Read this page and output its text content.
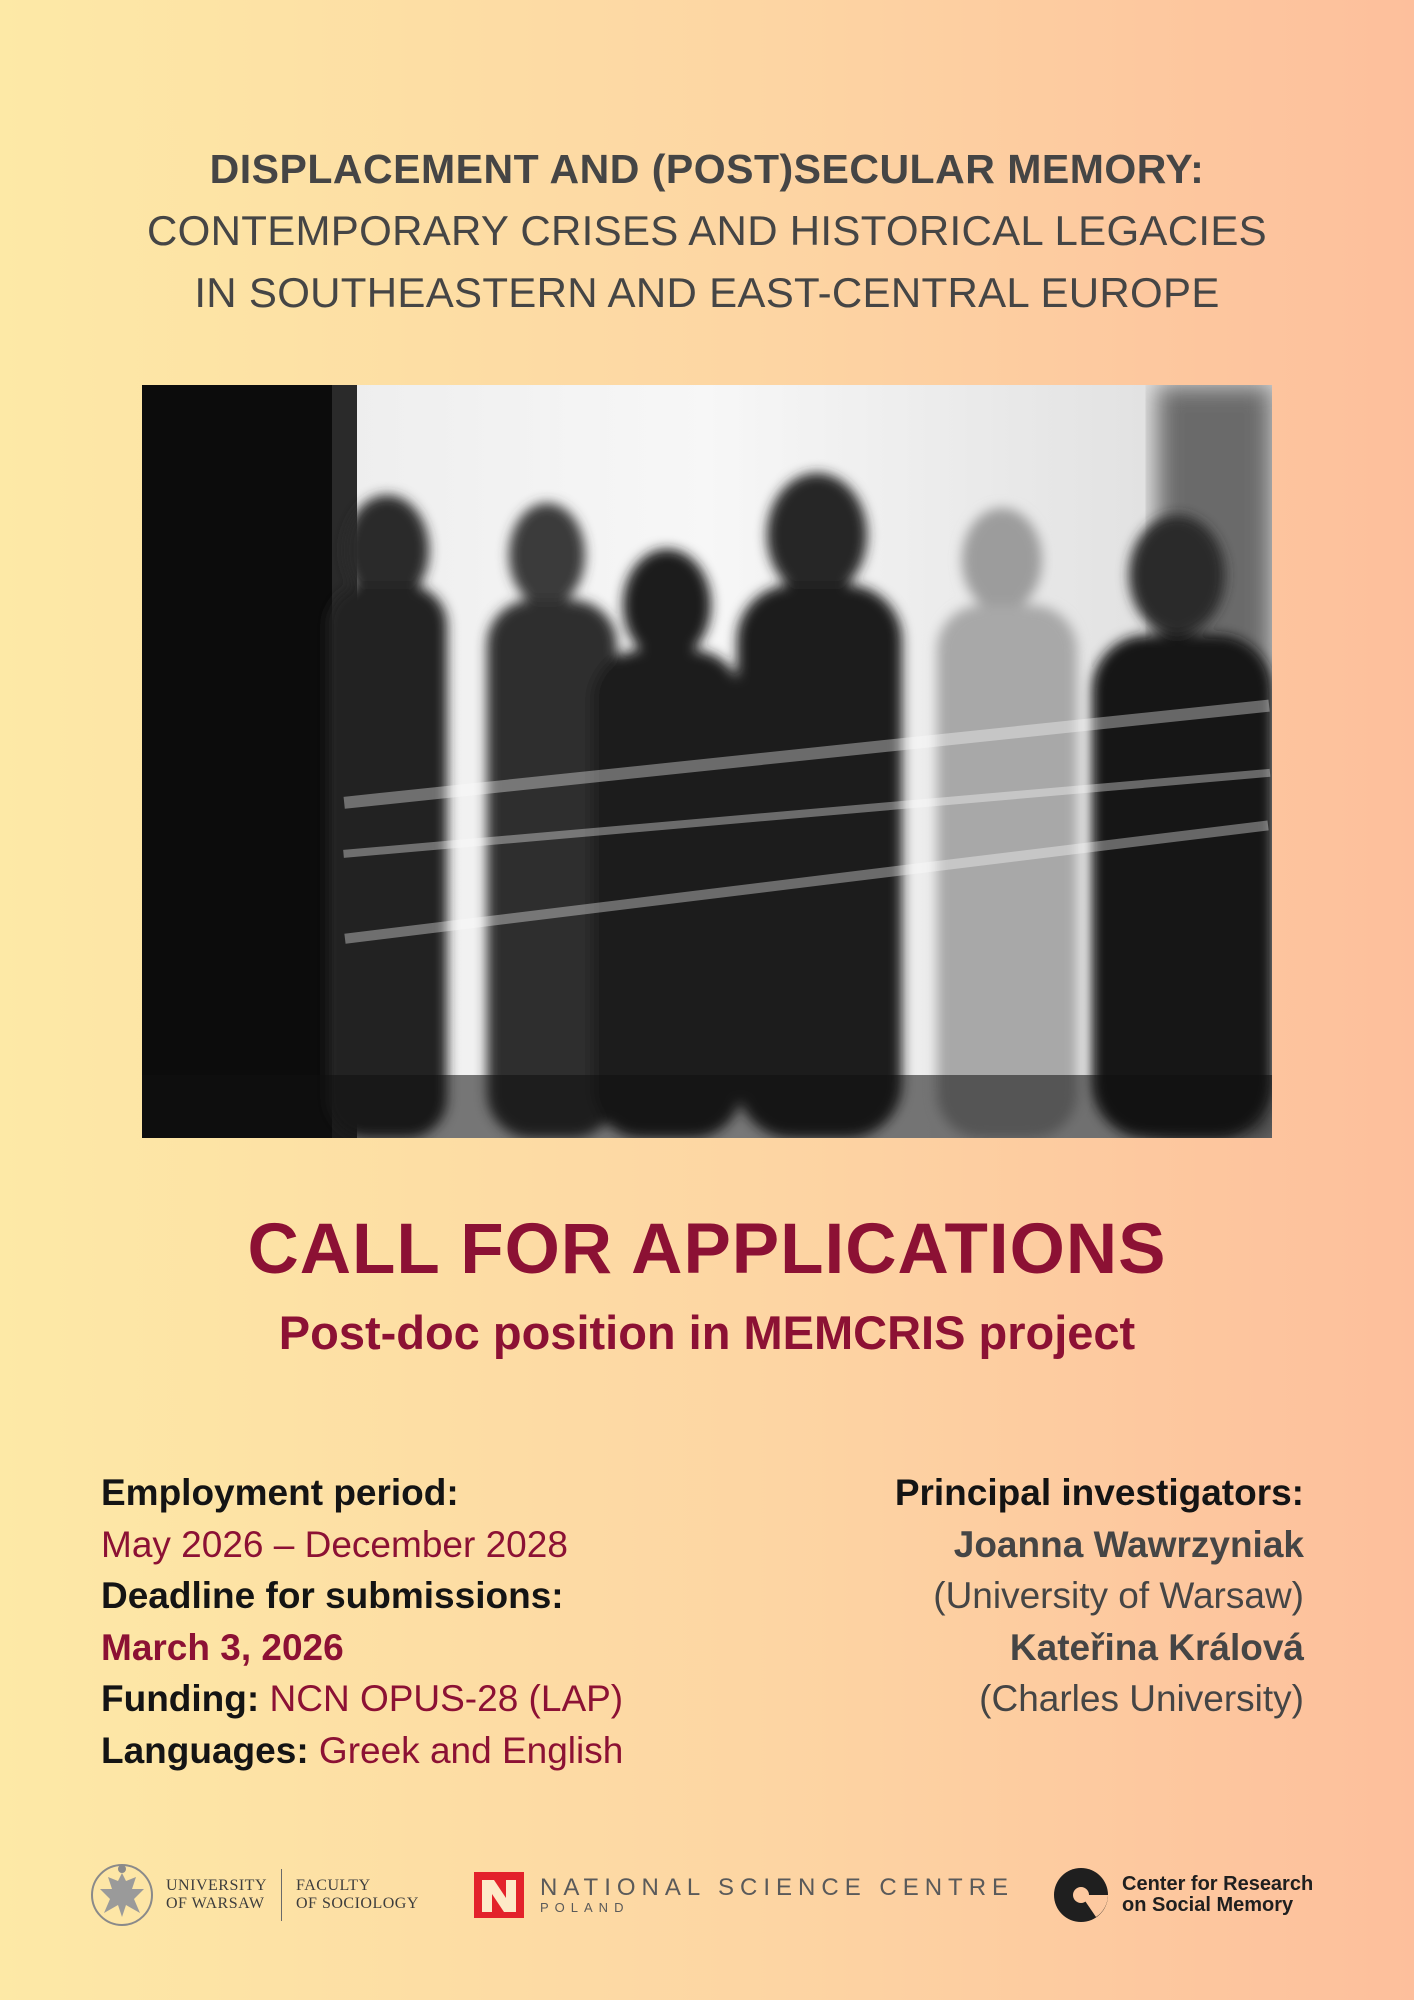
DISPLACEMENT AND (POST)SECULAR MEMORY:
CONTEMPORARY CRISES AND HISTORICAL LEGACIES
IN SOUTHEASTERN AND EAST-CENTRAL EUROPE
CALL FOR APPLICATIONS
Post-doc position in MEMCRIS project
Employment period:
May 2026 – December 2028
Deadline for submissions:
March 3, 2026
Funding: NCN OPUS-28 (LAP)
Languages: Greek and English
Principal investigators:
Joanna Wawrzyniak
(University of Warsaw)
Kateřina Králová
(Charles University)
UNIVERSITY
OF WARSAW
FACULTY
OF SOCIOLOGY
NATIONAL SCIENCE CENTRE
POLAND
Center for Research
on Social Memory
